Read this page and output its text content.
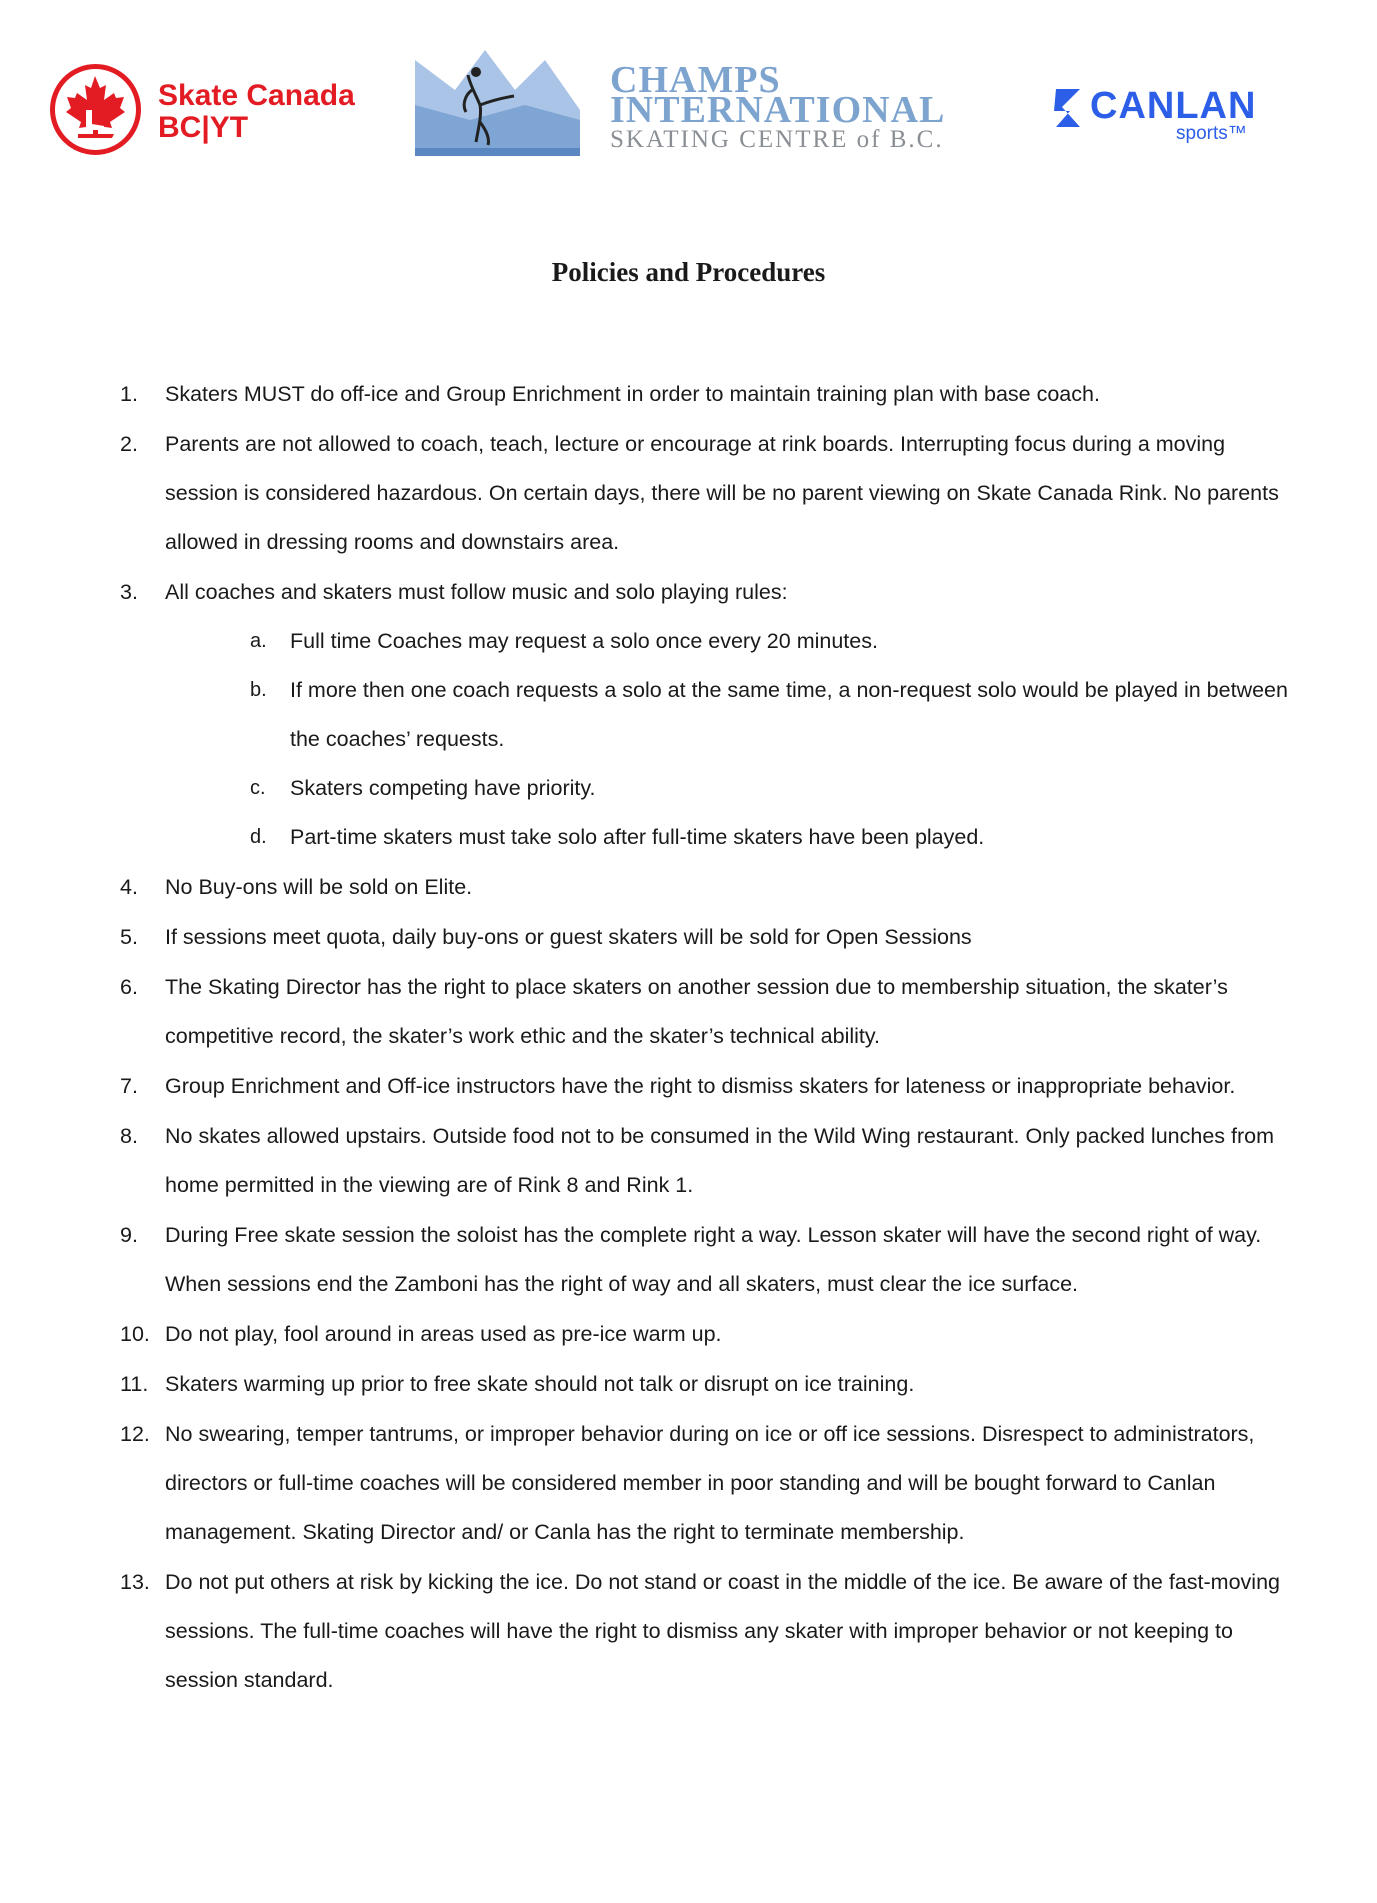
Skate Canada
BC|YT
CHAMPS
INTERNATIONAL
SKATING CENTRE of B.C.
CANLAN
sports™
Policies and Procedures
1. Skaters MUST do off-ice and Group Enrichment in order to maintain training plan with base coach.
2. Parents are not allowed to coach, teach, lecture or encourage at rink boards. Interrupting focus during a moving session is considered hazardous. On certain days, there will be no parent viewing on Skate Canada Rink. No parents allowed in dressing rooms and downstairs area.
3. All coaches and skaters must follow music and solo playing rules:
a. Full time Coaches may request a solo once every 20 minutes.
b. If more then one coach requests a solo at the same time, a non-request solo would be played in between the coaches’ requests.
c. Skaters competing have priority.
d. Part-time skaters must take solo after full-time skaters have been played.
4. No Buy-ons will be sold on Elite.
5. If sessions meet quota, daily buy-ons or guest skaters will be sold for Open Sessions
6. The Skating Director has the right to place skaters on another session due to membership situation, the skater’s competitive record, the skater’s work ethic and the skater’s technical ability.
7. Group Enrichment and Off-ice instructors have the right to dismiss skaters for lateness or inappropriate behavior.
8. No skates allowed upstairs. Outside food not to be consumed in the Wild Wing restaurant. Only packed lunches from home permitted in the viewing are of Rink 8 and Rink 1.
9. During Free skate session the soloist has the complete right a way. Lesson skater will have the second right of way. When sessions end the Zamboni has the right of way and all skaters, must clear the ice surface.
10. Do not play, fool around in areas used as pre-ice warm up.
11. Skaters warming up prior to free skate should not talk or disrupt on ice training.
12. No swearing, temper tantrums, or improper behavior during on ice or off ice sessions. Disrespect to administrators, directors or full-time coaches will be considered member in poor standing and will be bought forward to Canlan management. Skating Director and/ or Canla has the right to terminate membership.
13. Do not put others at risk by kicking the ice. Do not stand or coast in the middle of the ice. Be aware of the fast-moving sessions. The full-time coaches will have the right to dismiss any skater with improper behavior or not keeping to session standard.
